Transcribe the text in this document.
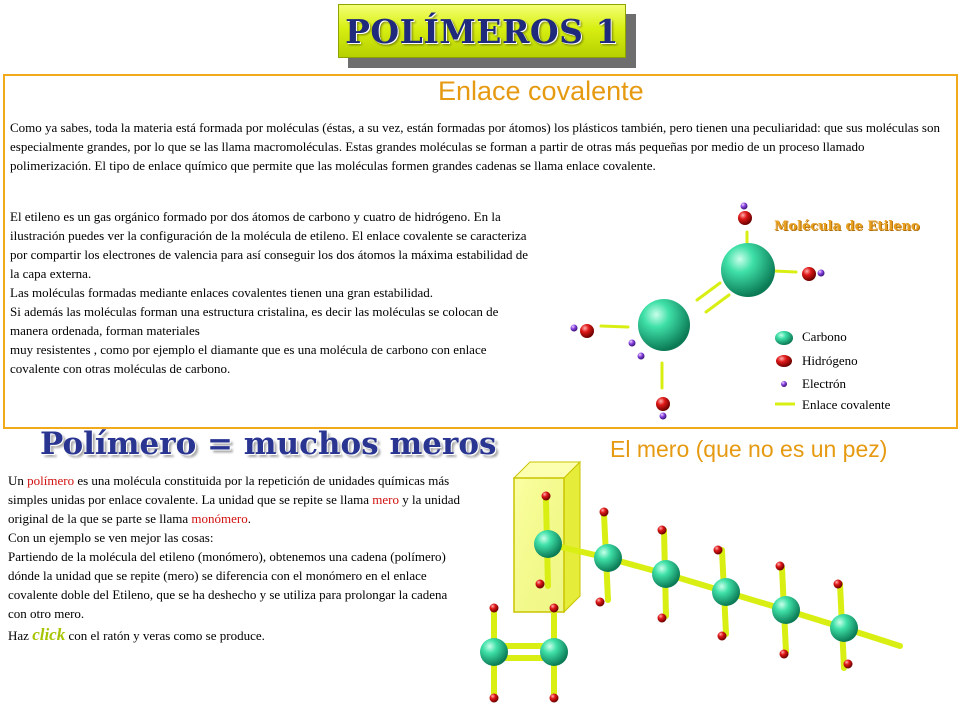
POLÍMEROS 1
Enlace covalente

Como ya sabes, toda la materia está formada por moléculas (éstas, a su vez, están formadas por átomos) los plásticos también, pero tienen una peculiaridad: que sus moléculas son especialmente grandes, por lo que se las llama macromoléculas. Estas grandes moléculas se forman a partir de otras más pequeñas por medio de un proceso llamado polimerización. El tipo de enlace químico que permite que las moléculas formen grandes cadenas se llama enlace covalente.

El etileno es un gas orgánico formado por dos átomos de carbono y cuatro de hidrógeno. En la ilustración puedes ver la configuración de la molécula de etileno. El enlace covalente se caracteriza por compartir los electrones de valencia para así conseguir los dos átomos la máxima estabilidad de la capa externa.
Las moléculas formadas mediante enlaces covalentes tienen una gran estabilidad.
Si además las moléculas forman una estructura cristalina, es decir las moléculas se colocan de manera ordenada, forman materiales
muy resistentes , como por ejemplo el diamante que es una molécula de carbono con enlace covalente con otras moléculas de carbono.
Molécula de Etileno
Carbono
Hidrógeno
Electrón
Enlace covalente
Polímero = muchos meros	El mero (que no es un pez)
Un polímero es una molécula constituida por la repetición de unidades químicas más simples unidas por enlace covalente. La unidad que se repite se llama mero y la unidad original de la que se parte se llama monómero.
Con un ejemplo se ven mejor las cosas:
Partiendo de la molécula del etileno (monómero), obtenemos una cadena (polímero) dónde la unidad que se repite (mero) se diferencia con el monómero en el enlace covalente doble del Etileno, que se ha deshecho y se utiliza para prolongar la cadena con otro mero.
Haz click con el ratón y veras como se produce.
